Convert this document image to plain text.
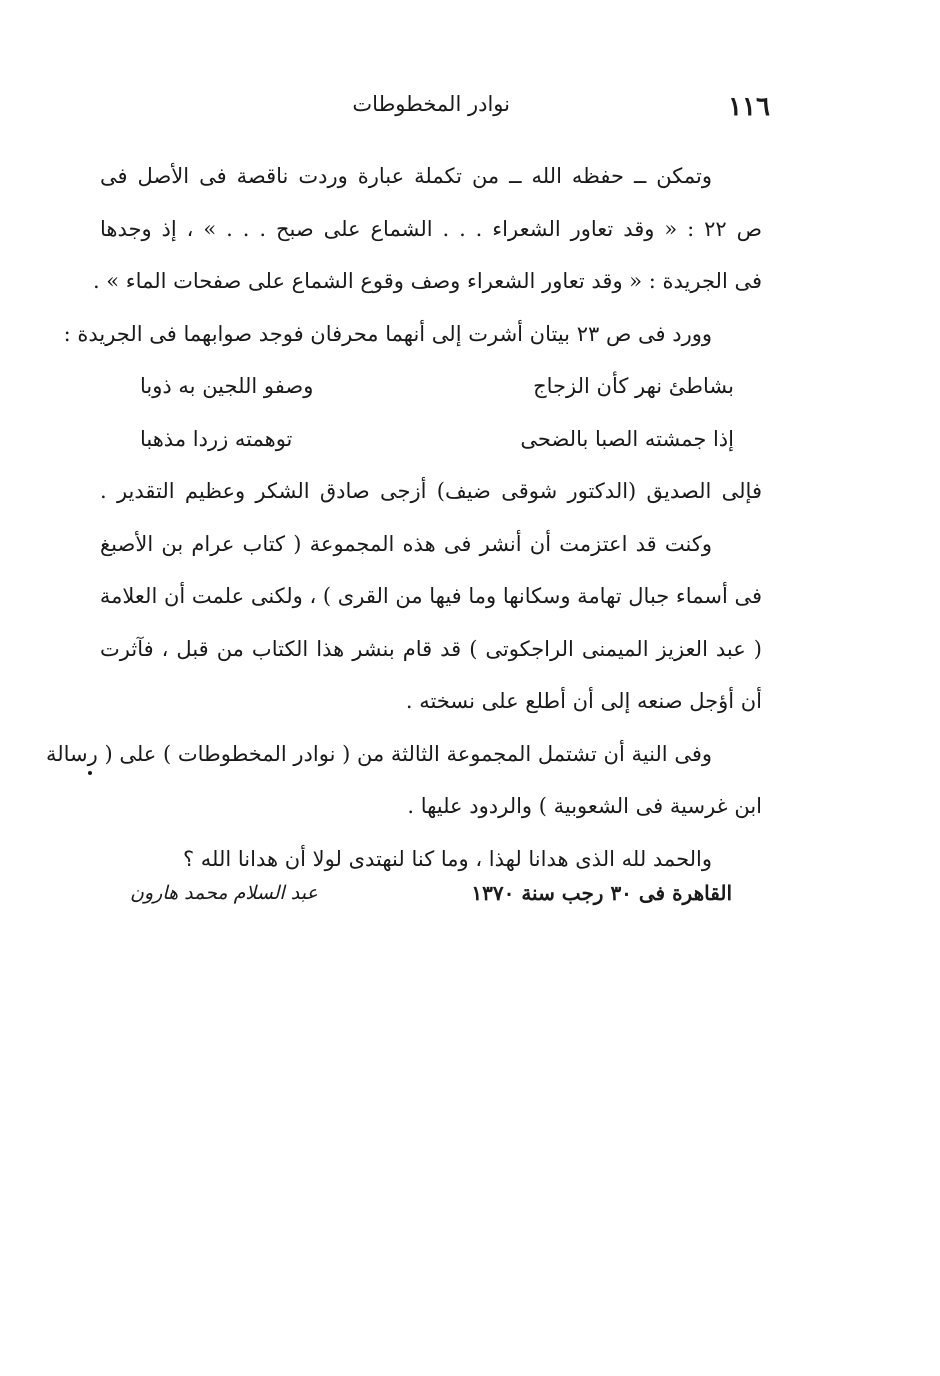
١١٦
نوادر المخطوطات
وتمكن ــ حفظه الله ــ من تكملة عبارة وردت ناقصة فى الأصل فى
ص ٢٢ : « وقد تعاور الشعراء . . . الشماع على صبح . . . » ، إذ وجدها
فى الجريدة : « وقد تعاور الشعراء وصف وقوع الشماع على صفحات الماء » .
وورد فى ص ٢٣ بيتان أشرت إلى أنهما محرفان فوجد صوابهما فى الجريدة :
بشاطئ نهر كأن الزجاج
وصفو اللجين به ذوبا
إذا جمشته الصبا بالضحى
توهمته زردا مذهبا
فإلى الصديق (الدكتور شوقى ضيف) أزجى صادق الشكر وعظيم التقدير .
وكنت قد اعتزمت أن أنشر فى هذه المجموعة ( كتاب عرام بن الأصبغ
فى أسماء جبال تهامة وسكانها وما فيها من القرى ) ، ولكنى علمت أن العلامة
( عبد العزيز الميمنى الراجكوتى ) قد قام بنشر هذا الكتاب من قبل ، فآثرت
أن أؤجل صنعه إلى أن أطلع على نسخته .
وفى النية أن تشتمل المجموعة الثالثة من ( نوادر المخطوطات ) على ( رسالة
ابن غرسية فى الشعوبية ) والردود عليها .
والحمد لله الذى هدانا لهذا ، وما كنا لنهتدى لولا أن هدانا الله ؟
القاهرة فى ٣٠ رجب سنة ١٣٧٠
عبد السلام محمد هارون
